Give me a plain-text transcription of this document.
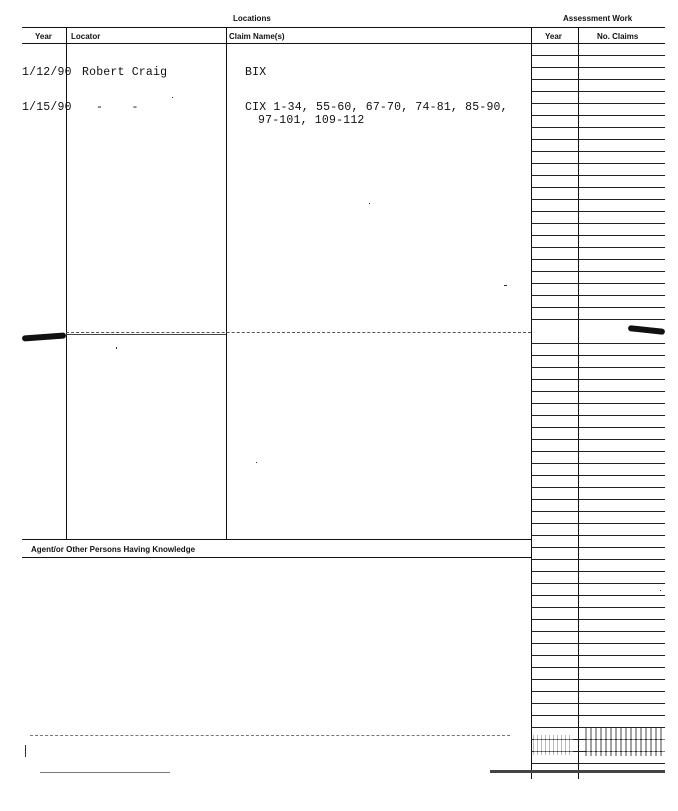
Locations	Assessment Work
Year Locator	Claim Name(s)	Year	No. Claims
1/12/90 Robert Craig	BIX
1/15/90 -    -	CIX 1-34, 55-60, 67-70, 74-81, 85-90,
97-101, 109-112
Agent/or Other Persons Having Knowledge
